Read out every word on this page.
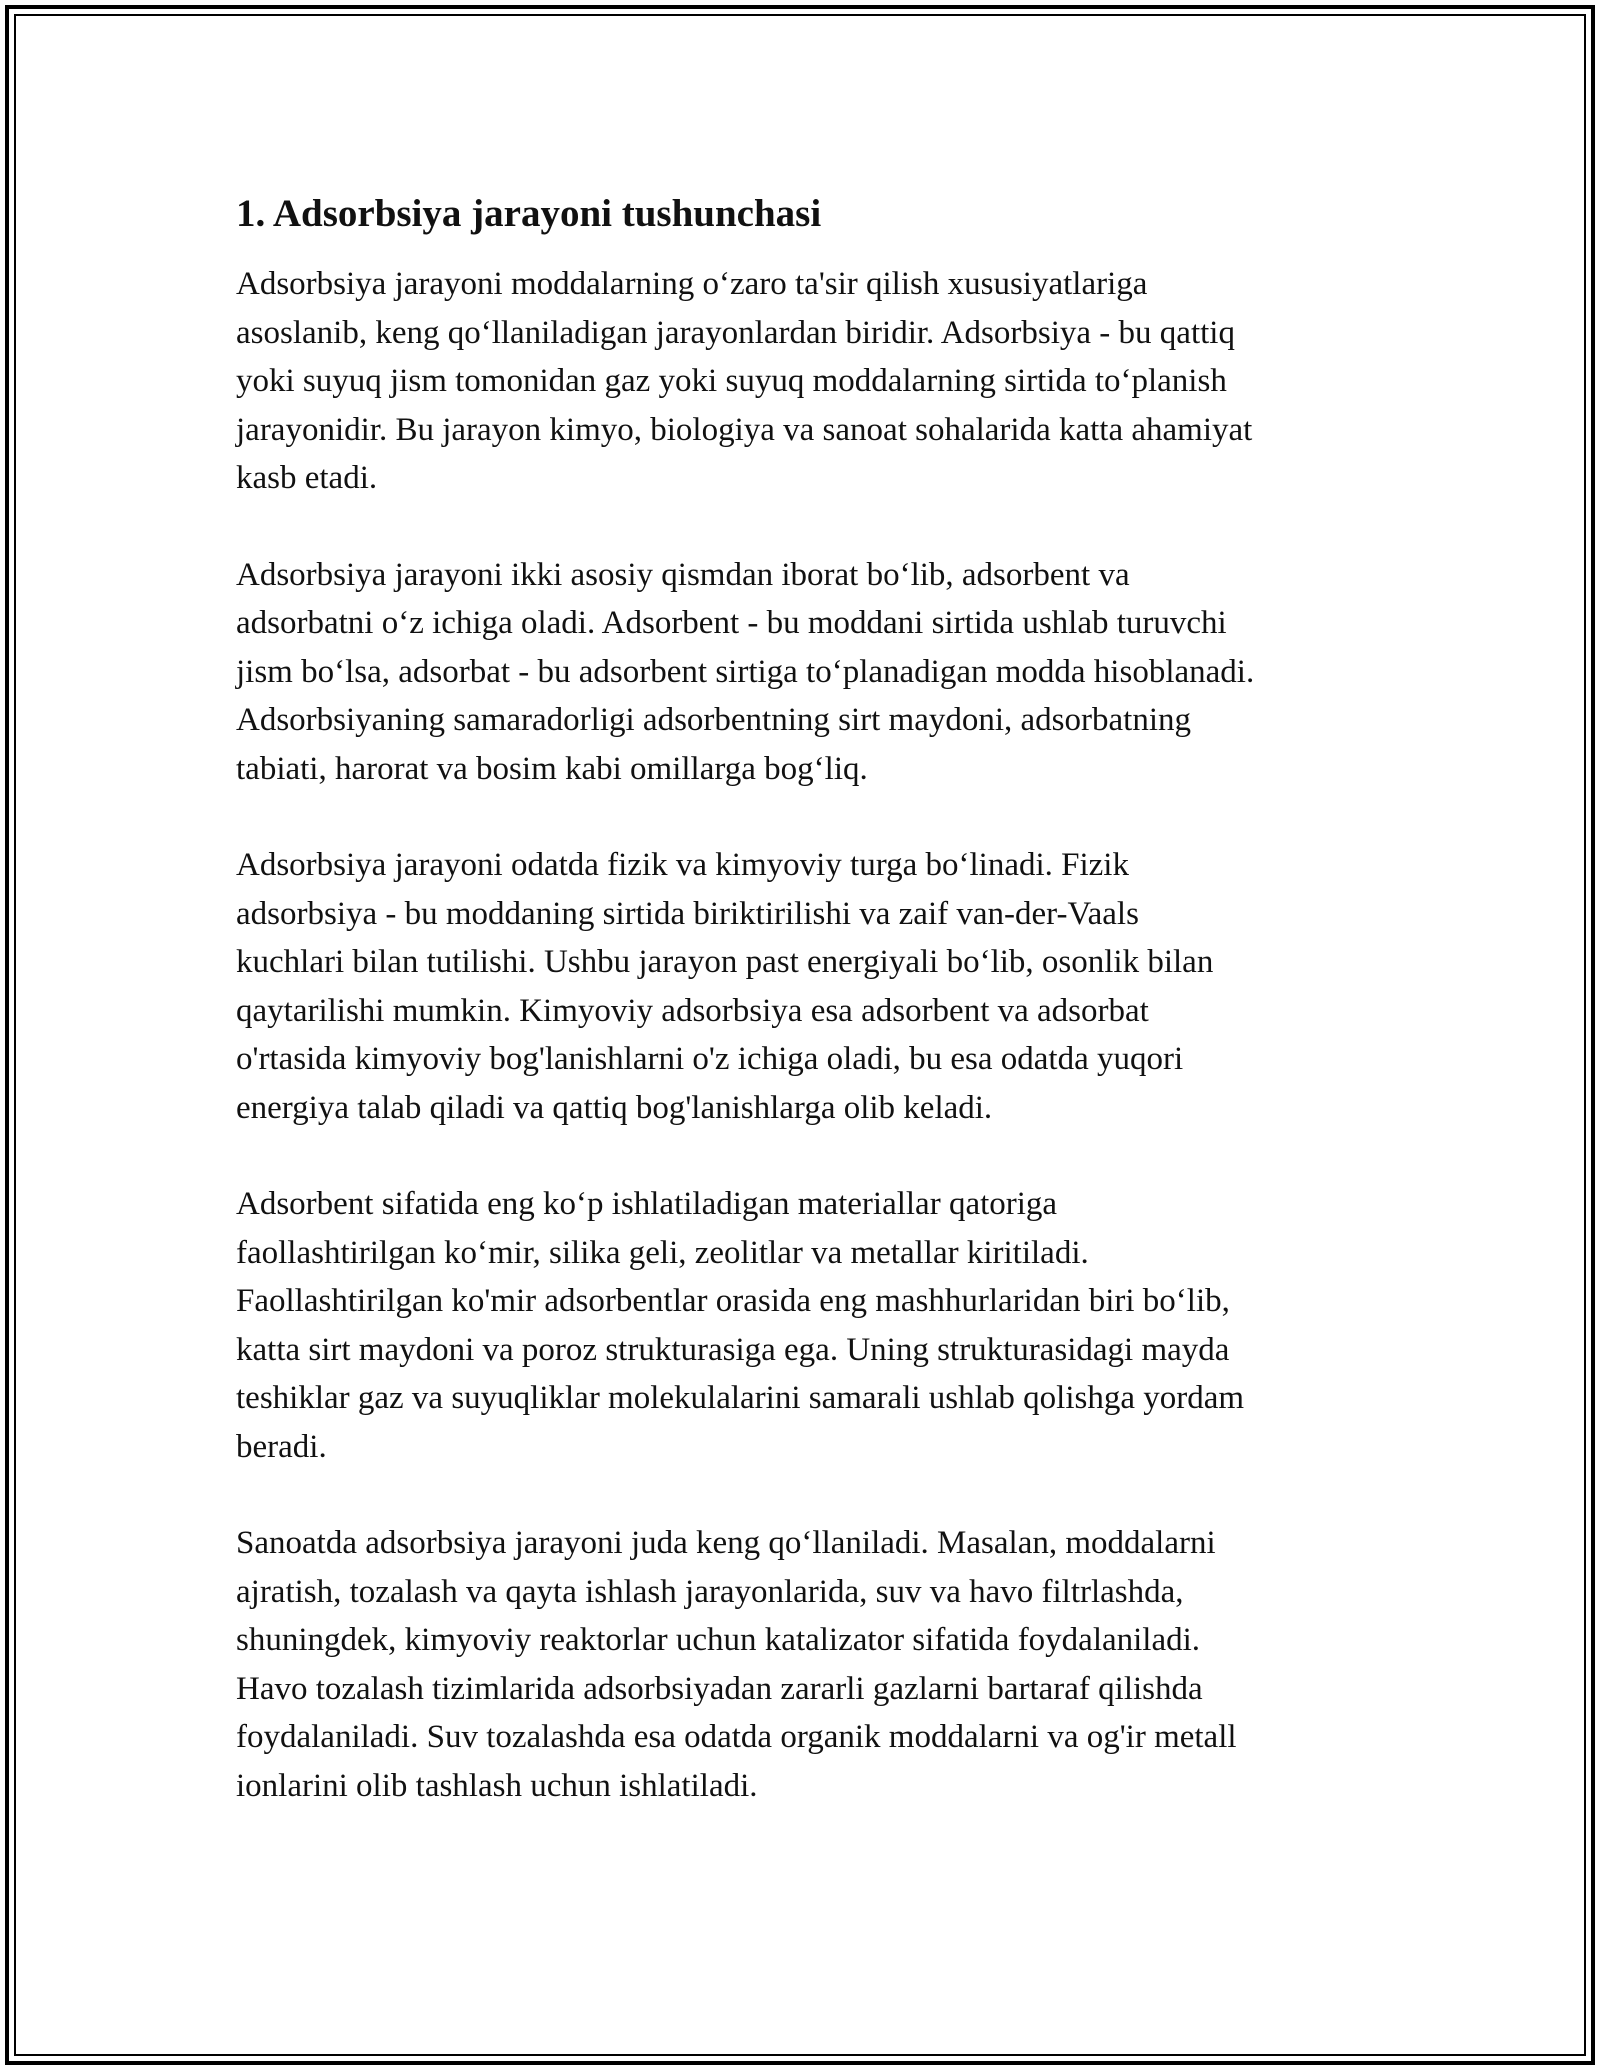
1. Adsorbsiya jarayoni tushunchasi

Adsorbsiya jarayoni moddalarning o‘zaro ta'sir qilish xususiyatlariga
asoslanib, keng qo‘llaniladigan jarayonlardan biridir. Adsorbsiya - bu qattiq
yoki suyuq jism tomonidan gaz yoki suyuq moddalarning sirtida to‘planish
jarayonidir. Bu jarayon kimyo, biologiya va sanoat sohalarida katta ahamiyat
kasb etadi.

Adsorbsiya jarayoni ikki asosiy qismdan iborat bo‘lib, adsorbent va
adsorbatni o‘z ichiga oladi. Adsorbent - bu moddani sirtida ushlab turuvchi
jism bo‘lsa, adsorbat - bu adsorbent sirtiga to‘planadigan modda hisoblanadi.
Adsorbsiyaning samaradorligi adsorbentning sirt maydoni, adsorbatning
tabiati, harorat va bosim kabi omillarga bog‘liq.

Adsorbsiya jarayoni odatda fizik va kimyoviy turga bo‘linadi. Fizik
adsorbsiya - bu moddaning sirtida biriktirilishi va zaif van-der-Vaals
kuchlari bilan tutilishi. Ushbu jarayon past energiyali bo‘lib, osonlik bilan
qaytarilishi mumkin. Kimyoviy adsorbsiya esa adsorbent va adsorbat
o'rtasida kimyoviy bog'lanishlarni o'z ichiga oladi, bu esa odatda yuqori
energiya talab qiladi va qattiq bog'lanishlarga olib keladi.

Adsorbent sifatida eng ko‘p ishlatiladigan materiallar qatoriga
faollashtirilgan ko‘mir, silika geli, zeolitlar va metallar kiritiladi.
Faollashtirilgan ko'mir adsorbentlar orasida eng mashhurlaridan biri bo‘lib,
katta sirt maydoni va poroz strukturasiga ega. Uning strukturasidagi mayda
teshiklar gaz va suyuqliklar molekulalarini samarali ushlab qolishga yordam
beradi.

Sanoatda adsorbsiya jarayoni juda keng qo‘llaniladi. Masalan, moddalarni
ajratish, tozalash va qayta ishlash jarayonlarida, suv va havo filtrlashda,
shuningdek, kimyoviy reaktorlar uchun katalizator sifatida foydalaniladi.
Havo tozalash tizimlarida adsorbsiyadan zararli gazlarni bartaraf qilishda
foydalaniladi. Suv tozalashda esa odatda organik moddalarni va og'ir metall
ionlarini olib tashlash uchun ishlatiladi.
